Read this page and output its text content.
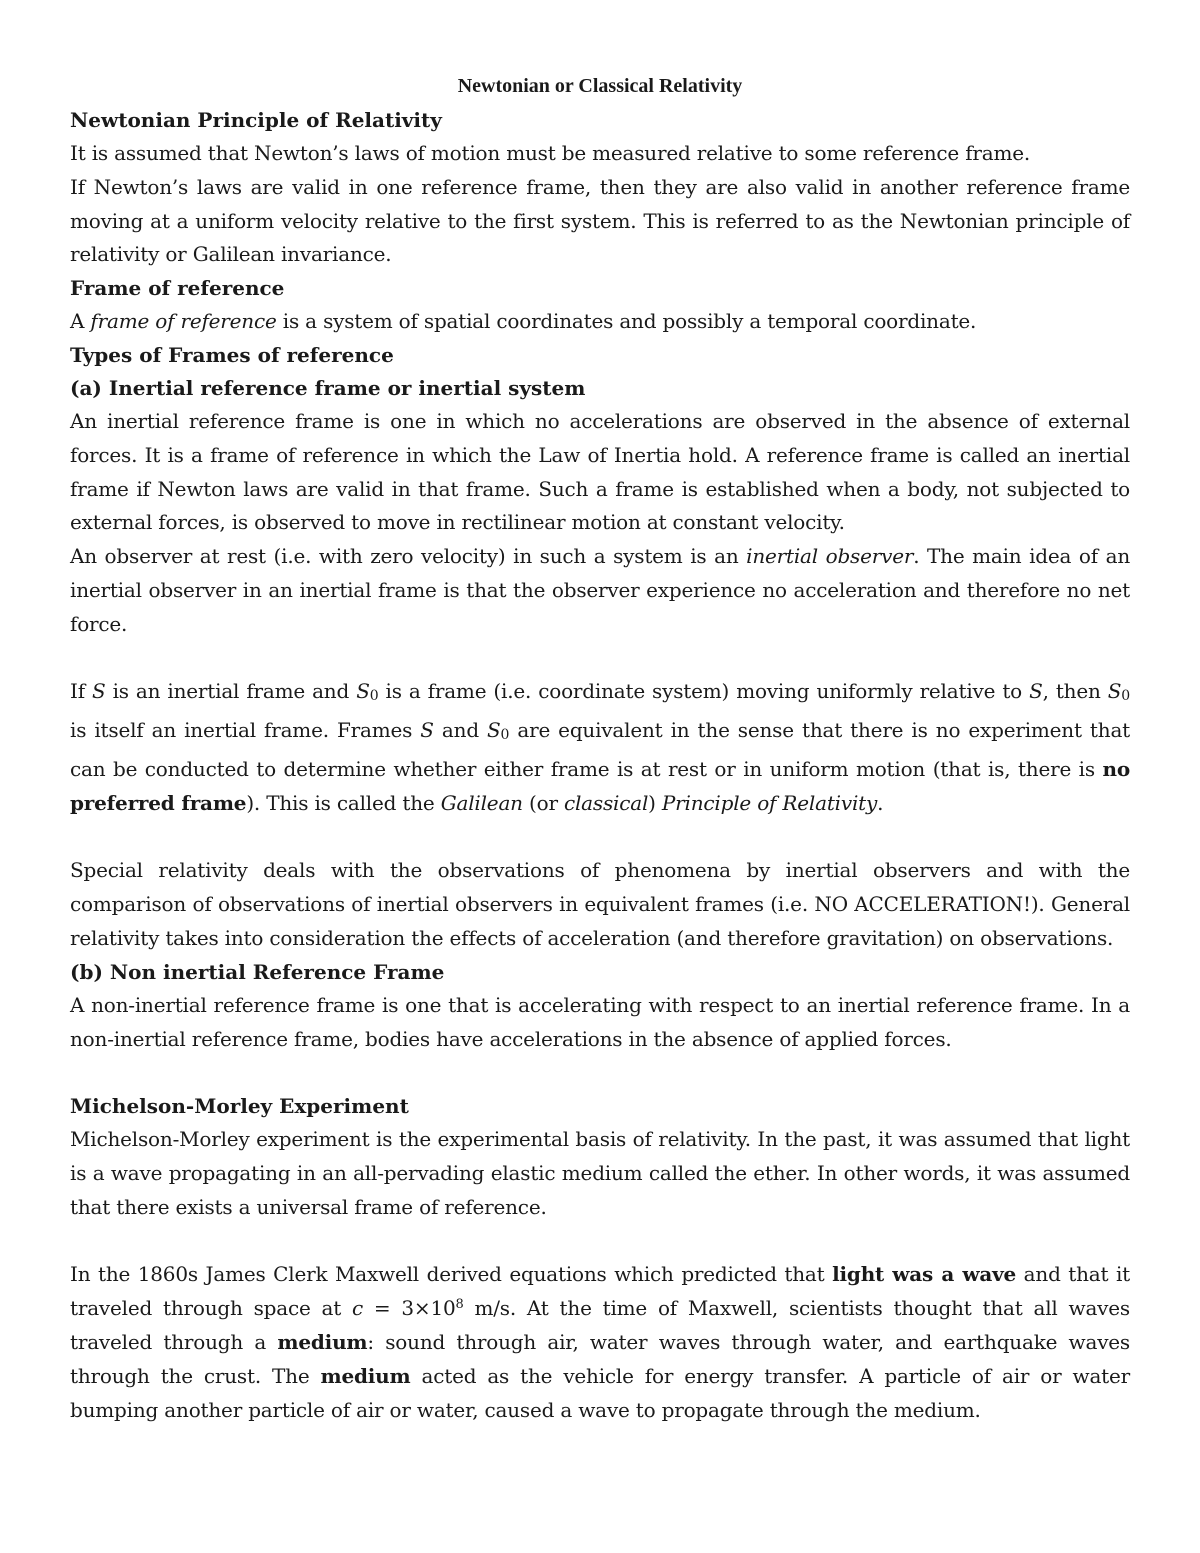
Newtonian or Classical Relativity
Newtonian Principle of Relativity

It is assumed that Newton’s laws of motion must be measured relative to some reference frame.

If Newton’s laws are valid in one reference frame, then they are also valid in another reference frame moving at a uniform velocity relative to the first system. This is referred to as the Newtonian principle of relativity or Galilean invariance.

Frame of reference

A frame of reference is a system of spatial coordinates and possibly a temporal coordinate.

Types of Frames of reference
(a) Inertial reference frame or inertial system

An inertial reference frame is one in which no accelerations are observed in the absence of external forces. It is a frame of reference in which the Law of Inertia hold. A reference frame is called an inertial frame if Newton laws are valid in that frame. Such a frame is established when a body, not subjected to external forces, is observed to move in rectilinear motion at constant velocity.

An observer at rest (i.e. with zero velocity) in such a system is an inertial observer. The main idea of an inertial observer in an inertial frame is that the observer experience no acceleration and therefore no net force.

If S is an inertial frame and $S_0$ is a frame (i.e. coordinate system) moving uniformly relative to S, then $S_0$ is itself an inertial frame. Frames S and $S_0$ are equivalent in the sense that there is no experiment that can be conducted to determine whether either frame is at rest or in uniform motion (that is, there is no preferred frame). This is called the Galilean (or classical) Principle of Relativity.

Special relativity deals with the observations of phenomena by inertial observers and with the comparison of observations of inertial observers in equivalent frames (i.e. NO ACCELERATION!). General relativity takes into consideration the effects of acceleration (and therefore gravitation) on observations.

(b) Non inertial Reference Frame

A non-inertial reference frame is one that is accelerating with respect to an inertial reference frame. In a non-inertial reference frame, bodies have accelerations in the absence of applied forces.

Michelson-Morley Experiment

Michelson-Morley experiment is the experimental basis of relativity. In the past, it was assumed that light is a wave propagating in an all-pervading elastic medium called the ether. In other words, it was assumed that there exists a universal frame of reference.

In the 1860s James Clerk Maxwell derived equations which predicted that light was a wave and that it traveled through space at $c = 3\times 10^8$ m/s. At the time of Maxwell, scientists thought that all waves traveled through a medium: sound through air, water waves through water, and earthquake waves through the crust. The medium acted as the vehicle for energy transfer. A particle of air or water bumping another particle of air or water, caused a wave to propagate through the medium.
